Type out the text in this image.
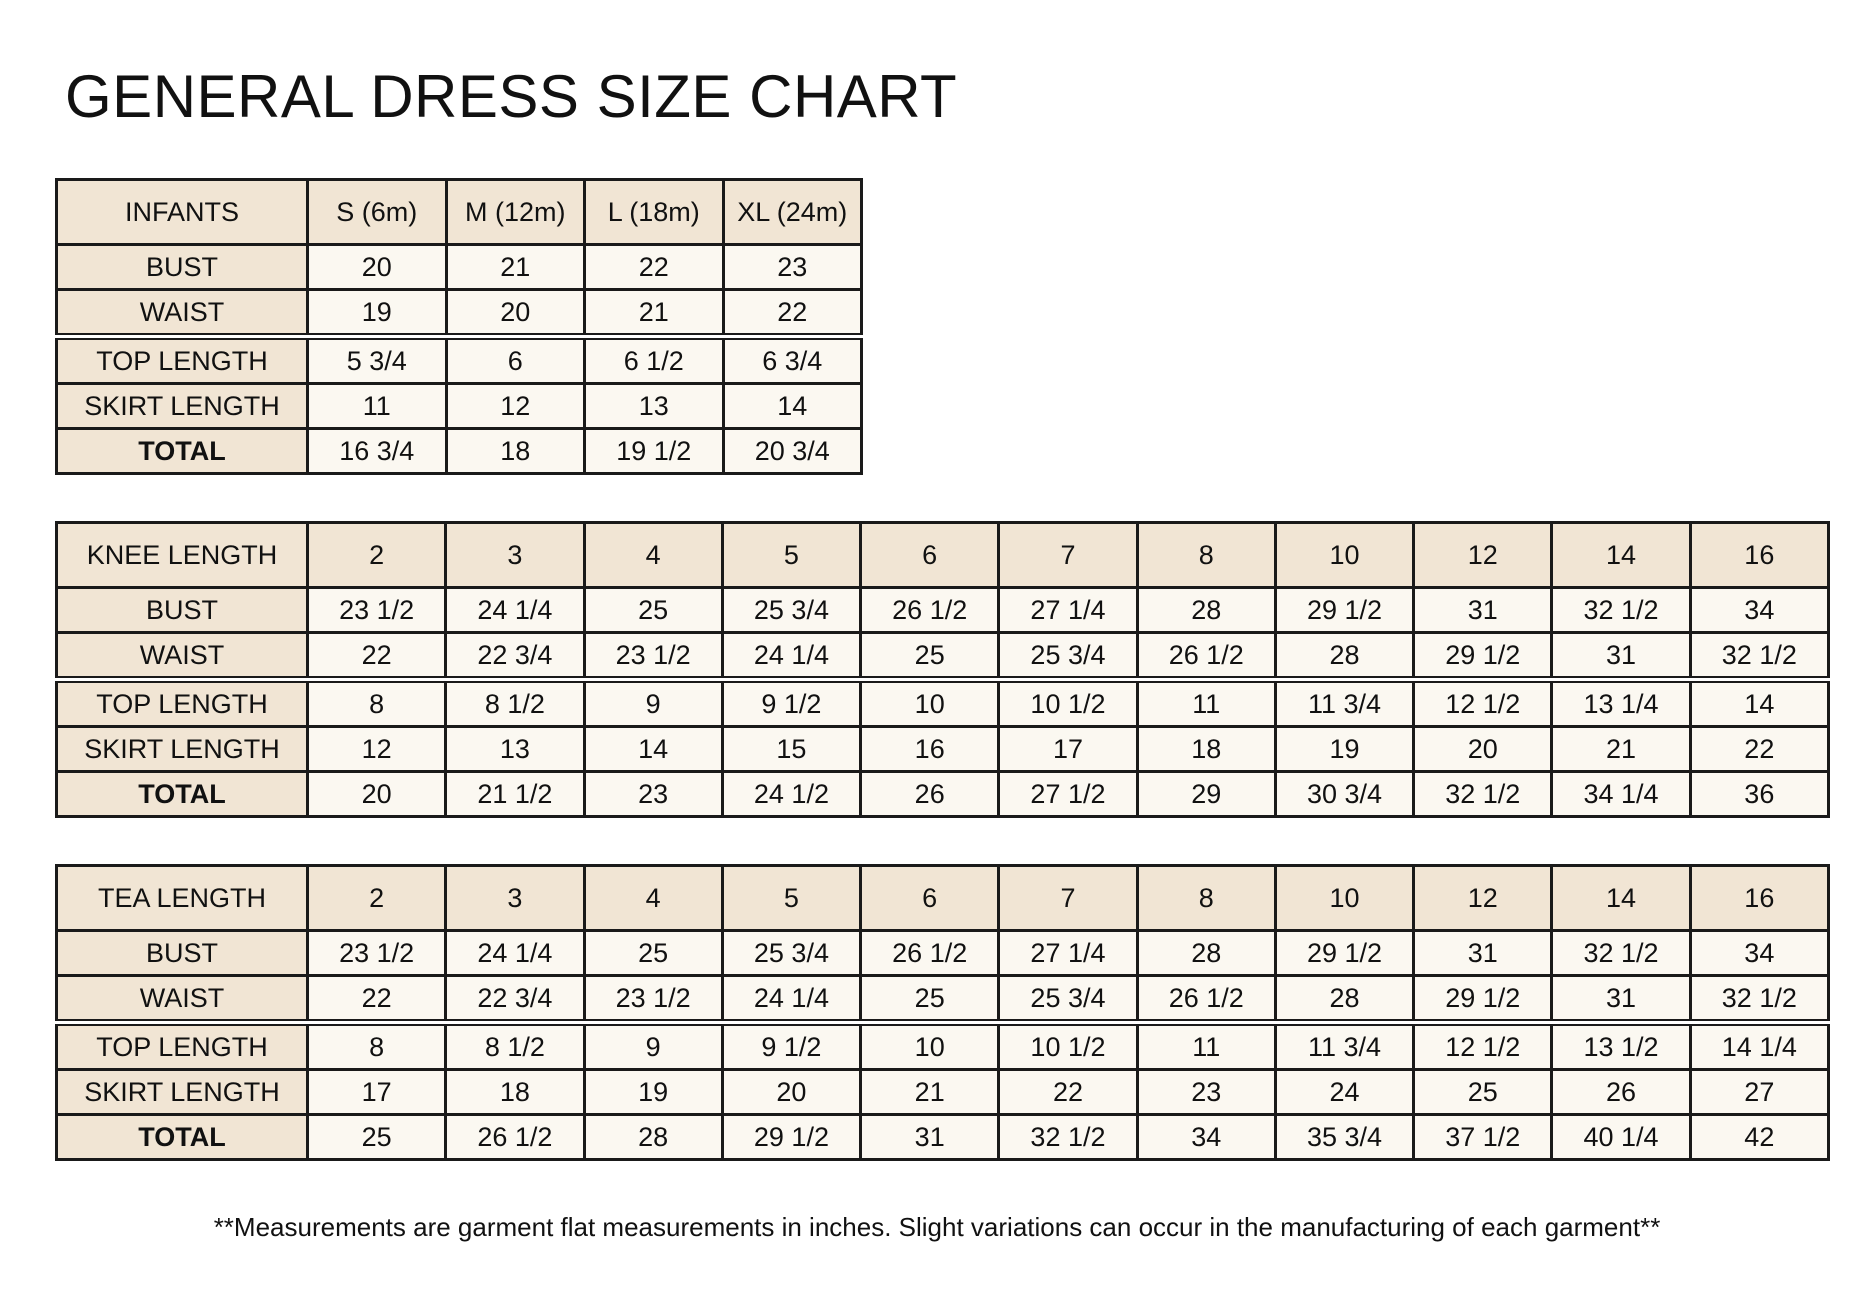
GENERAL DRESS SIZE CHART
INFANTS	S (6m)	M (12m)	L (18m)	XL (24m)
BUST	20	21	22	23
WAIST	19	20	21	22
TOP LENGTH	5 3/4	6	6 1/2	6 3/4
SKIRT LENGTH	11	12	13	14
TOTAL	16 3/4	18	19 1/2	20 3/4
KNEE LENGTH	2	3	4	5	6	7	8	10	12	14	16
BUST	23 1/2	24 1/4	25	25 3/4	26 1/2	27 1/4	28	29 1/2	31	32 1/2	34
WAIST	22	22 3/4	23 1/2	24 1/4	25	25 3/4	26 1/2	28	29 1/2	31	32 1/2
TOP LENGTH	8	8 1/2	9	9 1/2	10	10 1/2	11	11 3/4	12 1/2	13 1/4	14
SKIRT LENGTH	12	13	14	15	16	17	18	19	20	21	22
TOTAL	20	21 1/2	23	24 1/2	26	27 1/2	29	30 3/4	32 1/2	34 1/4	36
TEA LENGTH	2	3	4	5	6	7	8	10	12	14	16
BUST	23 1/2	24 1/4	25	25 3/4	26 1/2	27 1/4	28	29 1/2	31	32 1/2	34
WAIST	22	22 3/4	23 1/2	24 1/4	25	25 3/4	26 1/2	28	29 1/2	31	32 1/2
TOP LENGTH	8	8 1/2	9	9 1/2	10	10 1/2	11	11 3/4	12 1/2	13 1/2	14 1/4
SKIRT LENGTH	17	18	19	20	21	22	23	24	25	26	27
TOTAL	25	26 1/2	28	29 1/2	31	32 1/2	34	35 3/4	37 1/2	40 1/4	42
**Measurements are garment flat measurements in inches. Slight variations can occur in the manufacturing of each garment**
